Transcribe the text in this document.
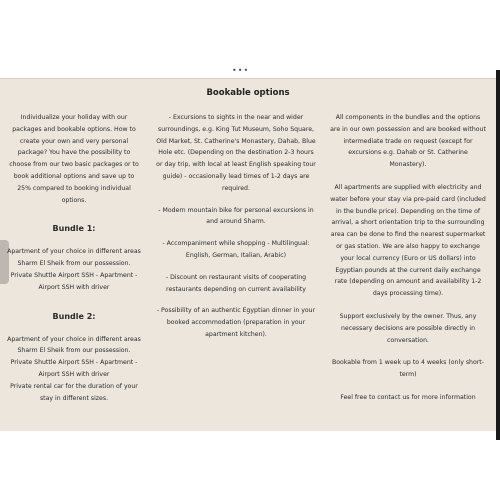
•••
Bookable options

Individualize your holiday with our packages and bookable options. How to create your own and very personal package? You have the possibility to choose from our two basic packages or to book additional options and save up to 25% compared to booking individual options.

Bundle 1:

Apartment of your choice in different areas Sharm El Sheik from our possession.

Private Shuttle Airport SSH - Apartment - Airport SSH with driver

Bundle 2:

Apartment of your choice in different areas Sharm El Sheik from our possession.

Private Shuttle Airport SSH - Apartment - Airport SSH with driver

Private rental car for the duration of your stay in different sizes.

- Excursions to sights in the near and wider surroundings, e.g. King Tut Museum, Soho Square, Old Market, St. Catherine's Monastery, Dahab, Blue Hole etc. (Depending on the destination 2-3 hours or day trip, with local at least English speaking tour guide) - occasionally lead times of 1-2 days are required.

- Modern mountain bike for personal excursions in and around Sharm.

- Accompaniment while shopping - Multilingual: English, German, Italian, Arabic)

- Discount on restaurant visits of cooperating restaurants depending on current availability

- Possibility of an authentic Egyptian dinner in your booked accommodation (preparation in your apartment kitchen).

All components in the bundles and the options are in our own possession and are booked without intermediate trade on request (except for excursions e.g. Dahab or St. Catherine Monastery).

All apartments are supplied with electricity and water before your stay via pre-paid card (included in the bundle price). Depending on the time of arrival, a short orientation trip to the surrounding area can be done to find the nearest supermarket or gas station. We are also happy to exchange your local currency (Euro or US dollars) into Egyptian pounds at the current daily exchange rate (depending on amount and availability 1-2 days processing time).

Support exclusively by the owner. Thus, any necessary decisions are possible directly in conversation.

Bookable from 1 week up to 4 weeks (only short-term)

Feel free to contact us for more information
